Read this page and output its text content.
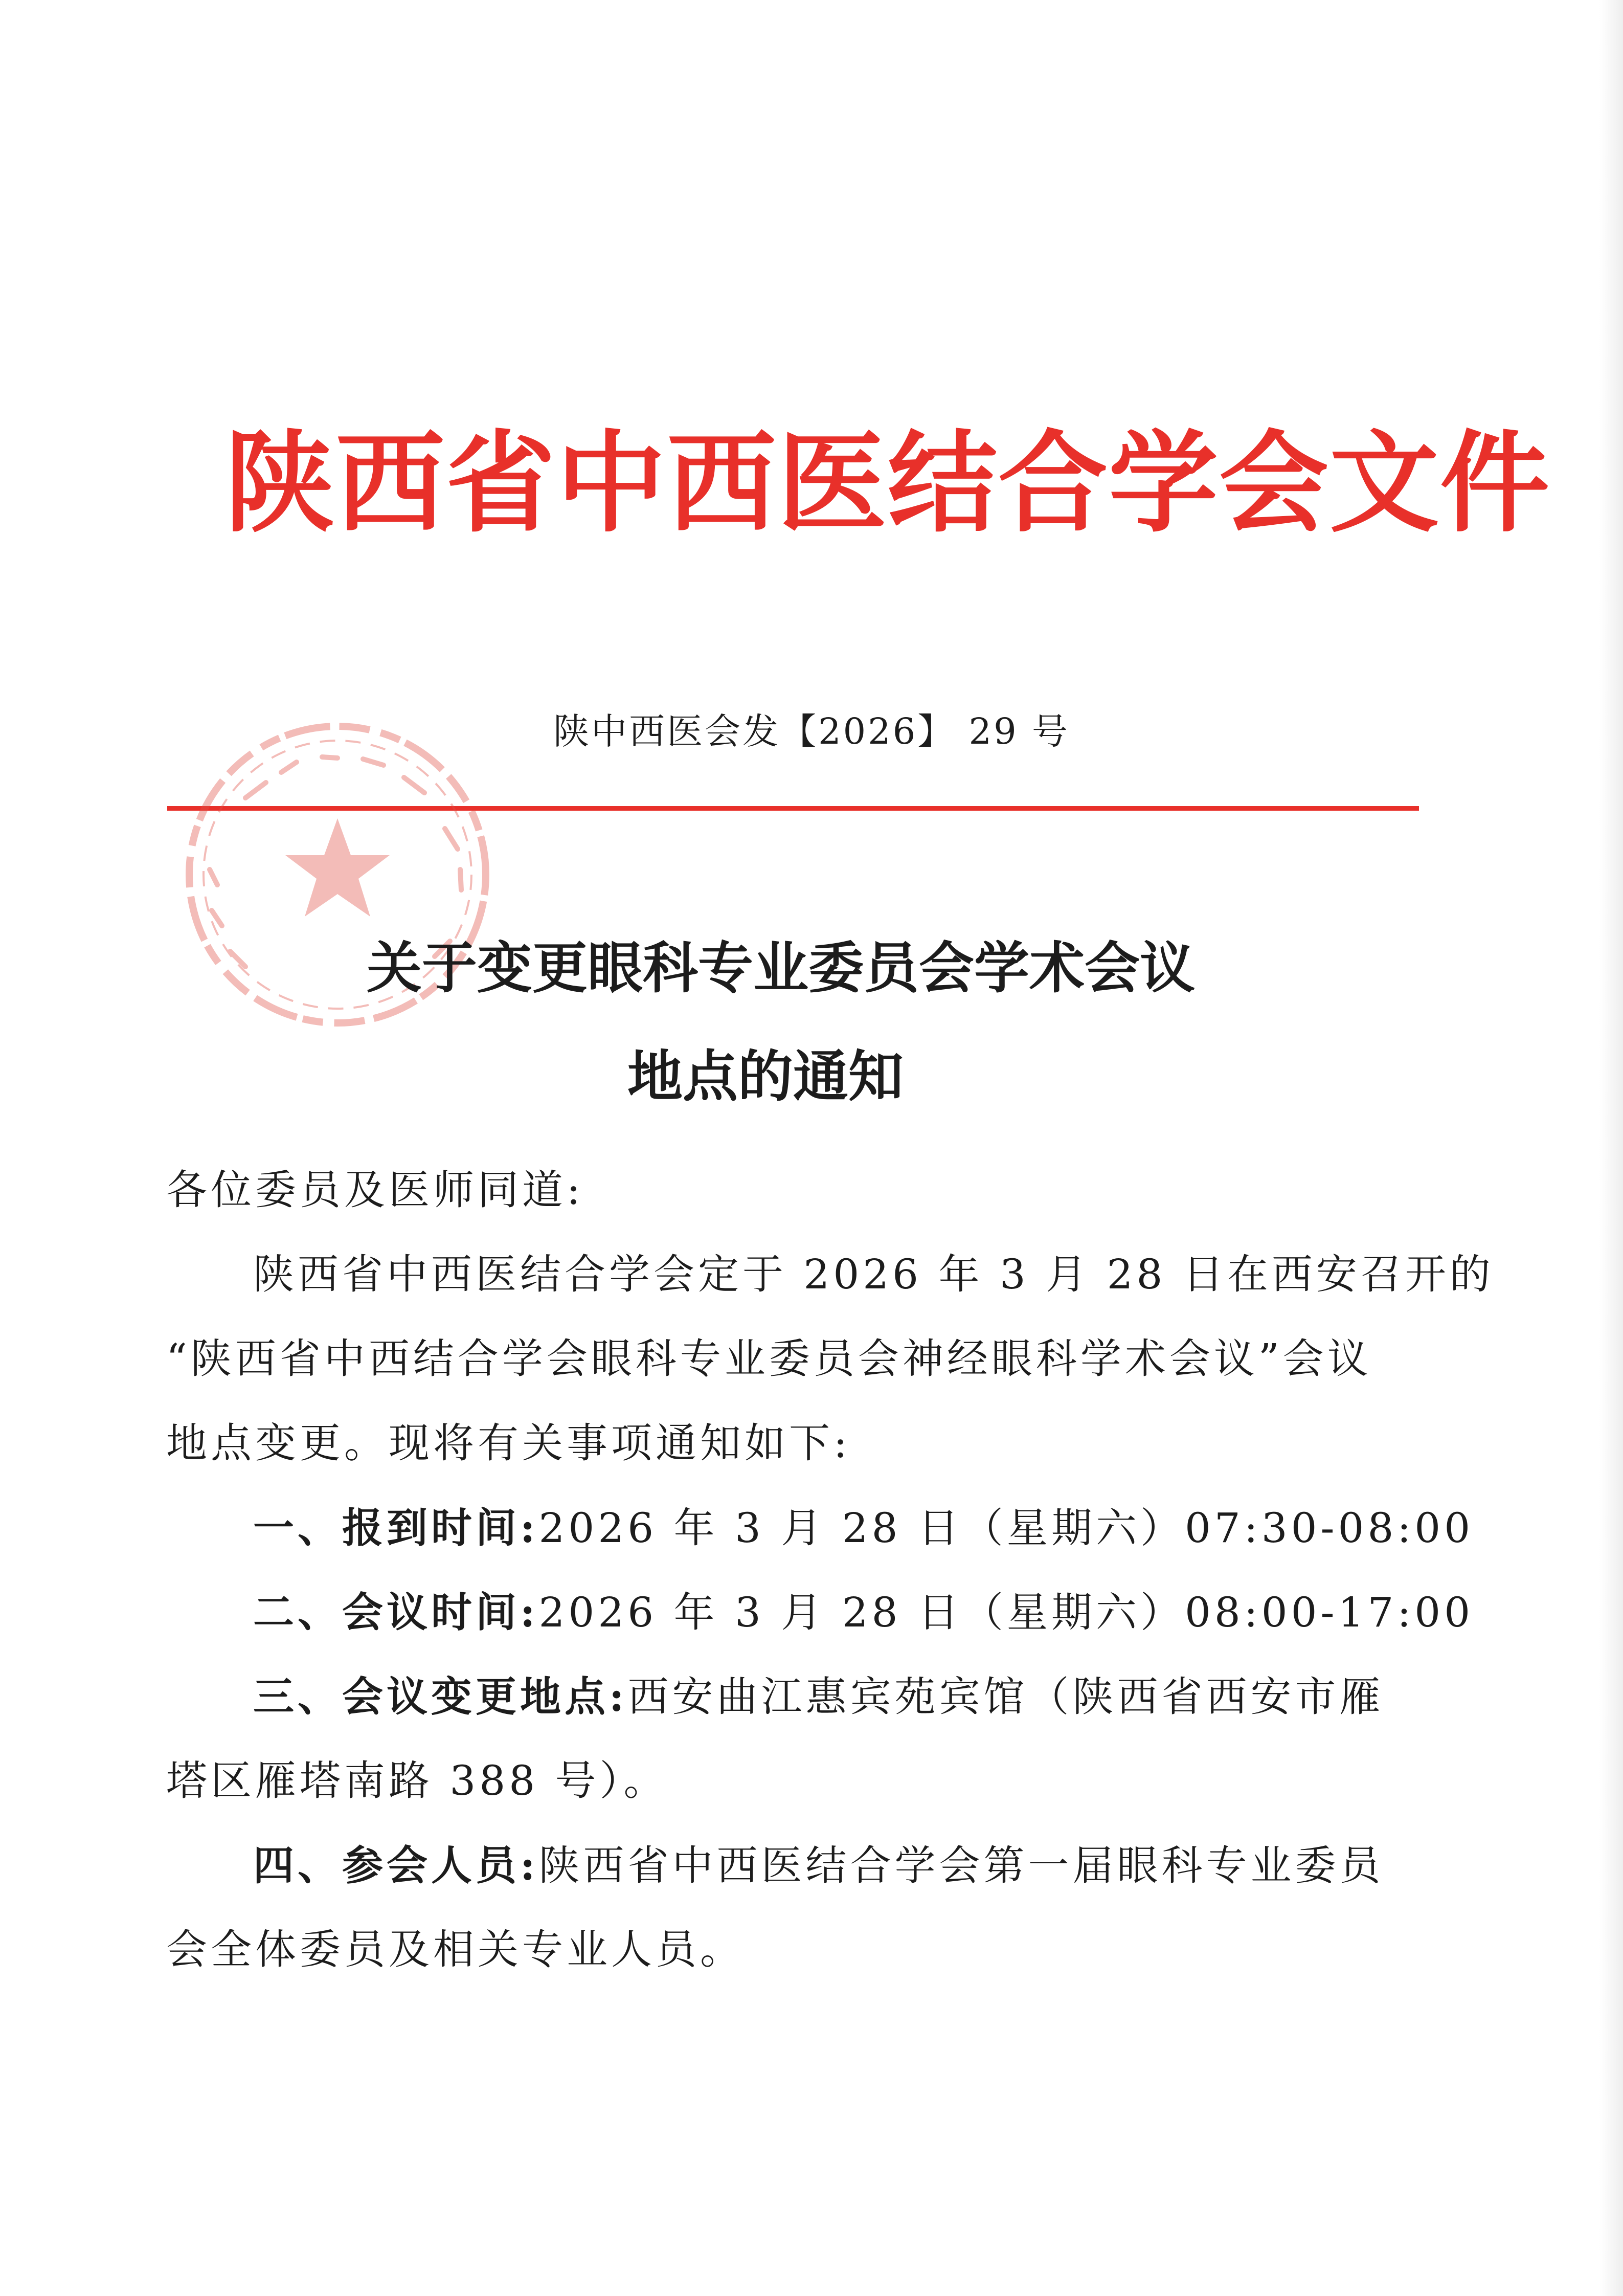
陕西省中西医结合学会文件
陕中西医会发【2026】 29 号
关于变更眼科专业委员会学术会议
地点的通知
各位委员及医师同道:
陕西省中西医结合学会定于 2026 年 3 月 28 日在西安召开的
“陕西省中西结合学会眼科专业委员会神经眼科学术会议”会议
地点变更。现将有关事项通知如下:
一、报到时间:2026 年 3 月 28 日（星期六）07:30-08:00
二、会议时间:2026 年 3 月 28 日（星期六）08:00-17:00
三、会议变更地点:西安曲江惠宾苑宾馆（陕西省西安市雁
塔区雁塔南路 388 号）。
四、参会人员:陕西省中西医结合学会第一届眼科专业委员
会全体委员及相关专业人员。
